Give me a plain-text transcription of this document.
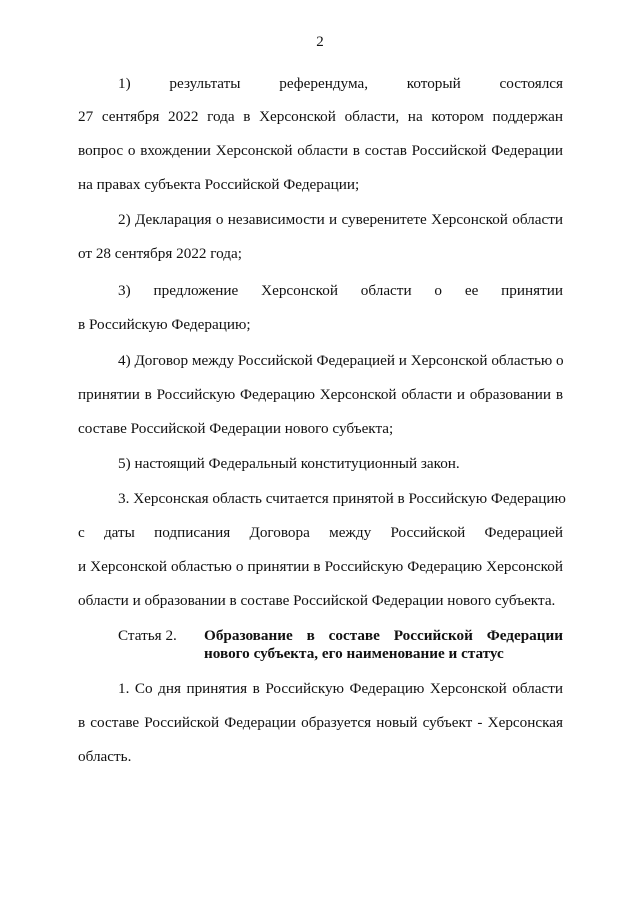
2
1) результаты референдума, который состоялся
27 сентября 2022 года в Херсонской области, на котором поддержан
вопрос о вхождении Херсонской области в состав Российской Федерации
на правах субъекта Российской Федерации;
2) Декларация о независимости и суверенитете Херсонской области
от 28 сентября 2022 года;
3) предложение Херсонской области о ее принятии
в Российскую Федерацию;
4) Договор между Российской Федерацией и Херсонской областью о
принятии в Российскую Федерацию Херсонской области и образовании в
составе Российской Федерации нового субъекта;
5) настоящий Федеральный конституционный закон.
3. Херсонская область считается принятой в Российскую Федерацию
с даты подписания Договора между Российской Федерацией
и Херсонской областью о принятии в Российскую Федерацию Херсонской
области и образовании в составе Российской Федерации нового субъекта.
Статья 2. Образование в составе Российской Федерации
нового субъекта, его наименование и статус
1. Со дня принятия в Российскую Федерацию Херсонской области
в составе Российской Федерации образуется новый субъект - Херсонская
область.
